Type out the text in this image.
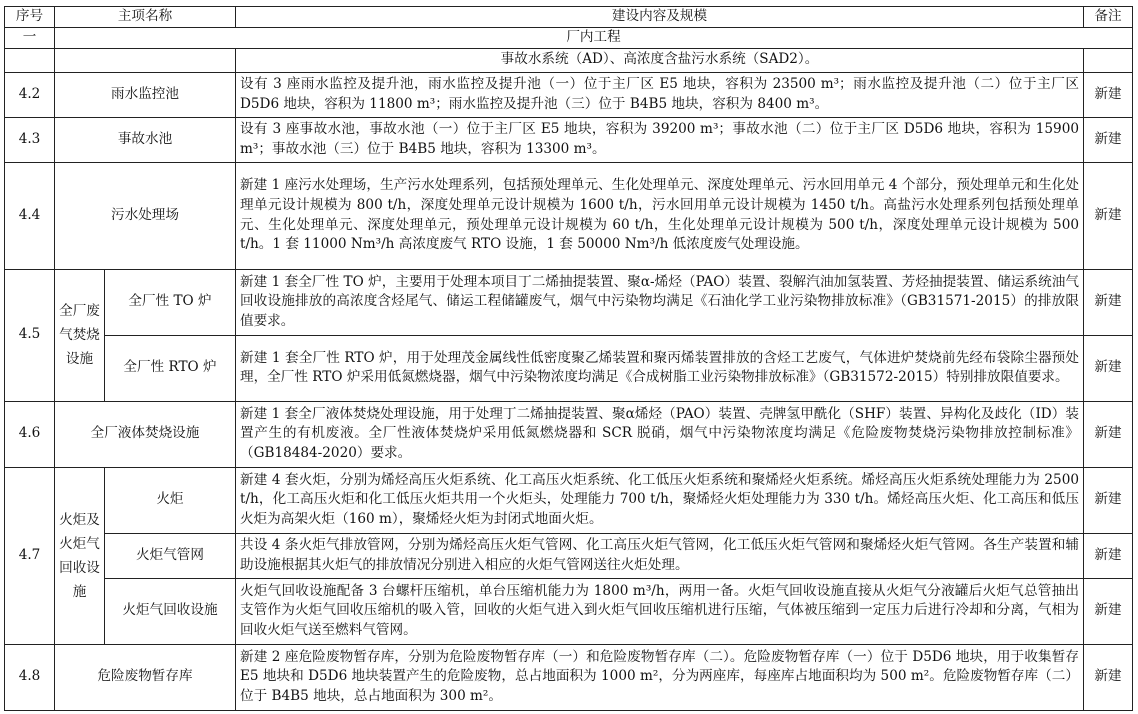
序号	主项名称		建设内容及规模	备注
一	厂内工程			
			事故水系统（AD）、高浓度含盐污水系统（SAD2）。	
4.2	雨水监控池		设有 3 座雨水监控及提升池，雨水监控及提升池（一）位于主厂区 E5 地块，容积为 23500 m³；雨水监控及提升池（二）位于主厂区 D5D6 地块，容积为 11800 m³；雨水监控及提升池（三）位于 B4B5 地块，容积为 8400 m³。	新建
4.3	事故水池		设有 3 座事故水池，事故水池（一）位于主厂区 E5 地块，容积为 39200 m³；事故水池（二）位于主厂区 D5D6 地块，容积为 15900 m³；事故水池（三）位于 B4B5 地块，容积为 13300 m³。	新建
4.4	污水处理场		新建 1 座污水处理场，生产污水处理系列，包括预处理单元、生化处理单元、深度处理单元、污水回用单元 4 个部分，预处理单元和生化处理单元设计规模为 800 t/h，深度处理单元设计规模为 1600 t/h，污水回用单元设计规模为 1450 t/h。高盐污水处理系列包括预处理单元、生化处理单元、深度处理单元，预处理单元设计规模为 60 t/h，生化处理单元设计规模为 500 t/h，深度处理单元设计规模为 500 t/h。1 套 11000 Nm³/h 高浓度废气 RTO 设施，1 套 50000 Nm³/h 低浓度废气处理设施。	新建
4.5	全厂废气焚烧设施	全厂性 TO 炉	新建 1 套全厂性 TO 炉，主要用于处理本项目丁二烯抽提装置、聚α-烯烃（PAO）装置、裂解汽油加氢装置、芳烃抽提装置、储运系统油气回收设施排放的高浓度含烃尾气、储运工程储罐废气，烟气中污染物均满足《石油化学工业污染物排放标准》（GB31571-2015）的排放限值要求。	新建
		全厂性 RTO 炉	新建 1 套全厂性 RTO 炉，用于处理茂金属线性低密度聚乙烯装置和聚丙烯装置排放的含烃工艺废气，气体进炉焚烧前先经布袋除尘器预处理，全厂性 RTO 炉采用低氮燃烧器，烟气中污染物浓度均满足《合成树脂工业污染物排放标准》（GB31572-2015）特别排放限值要求。	新建
4.6	全厂液体焚烧设施		新建 1 套全厂液体焚烧处理设施，用于处理丁二烯抽提装置、聚α烯烃（PAO）装置、壳牌氢甲酰化（SHF）装置、异构化及歧化（ID）装置产生的有机废液。全厂性液体焚烧炉采用低氮燃烧器和 SCR 脱硝，烟气中污染物浓度均满足《危险废物焚烧污染物排放控制标准》（GB18484-2020）要求。	新建
4.7	火炬及火炬气回收设施	火炬	新建 4 套火炬，分别为烯烃高压火炬系统、化工高压火炬系统、化工低压火炬系统和聚烯烃火炬系统。烯烃高压火炬系统处理能力为 2500 t/h，化工高压火炬和化工低压火炬共用一个火炬头，处理能力 700 t/h，聚烯烃火炬处理能力为 330 t/h。烯烃高压火炬、化工高压和低压火炬为高架火炬（160 m），聚烯烃火炬为封闭式地面火炬。	新建
		火炬气管网	共设 4 条火炬气排放管网，分别为烯烃高压火炬气管网、化工高压火炬气管网，化工低压火炬气管网和聚烯烃火炬气管网。各生产装置和辅助设施根据其火炬气的排放情况分别进入相应的火炬气管网送往火炬处理。	新建
		火炬气回收设施	火炬气回收设施配备 3 台螺杆压缩机，单台压缩机能力为 1800 m³/h，两用一备。火炬气回收设施直接从火炬气分液罐后火炬气总管抽出支管作为火炬气回收压缩机的吸入管，回收的火炬气进入到火炬气回收压缩机进行压缩，气体被压缩到一定压力后进行冷却和分离，气相为回收火炬气送至燃料气管网。	新建
4.8	危险废物暂存库		新建 2 座危险废物暂存库，分别为危险废物暂存库（一）和危险废物暂存库（二）。危险废物暂存库（一）位于 D5D6 地块，用于收集暂存 E5 地块和 D5D6 地块装置产生的危险废物，总占地面积为 1000 m²，分为两座库，每座库占地面积均为 500 m²。危险废物暂存库（二）位于 B4B5 地块，总占地面积为 300 m²。	新建
